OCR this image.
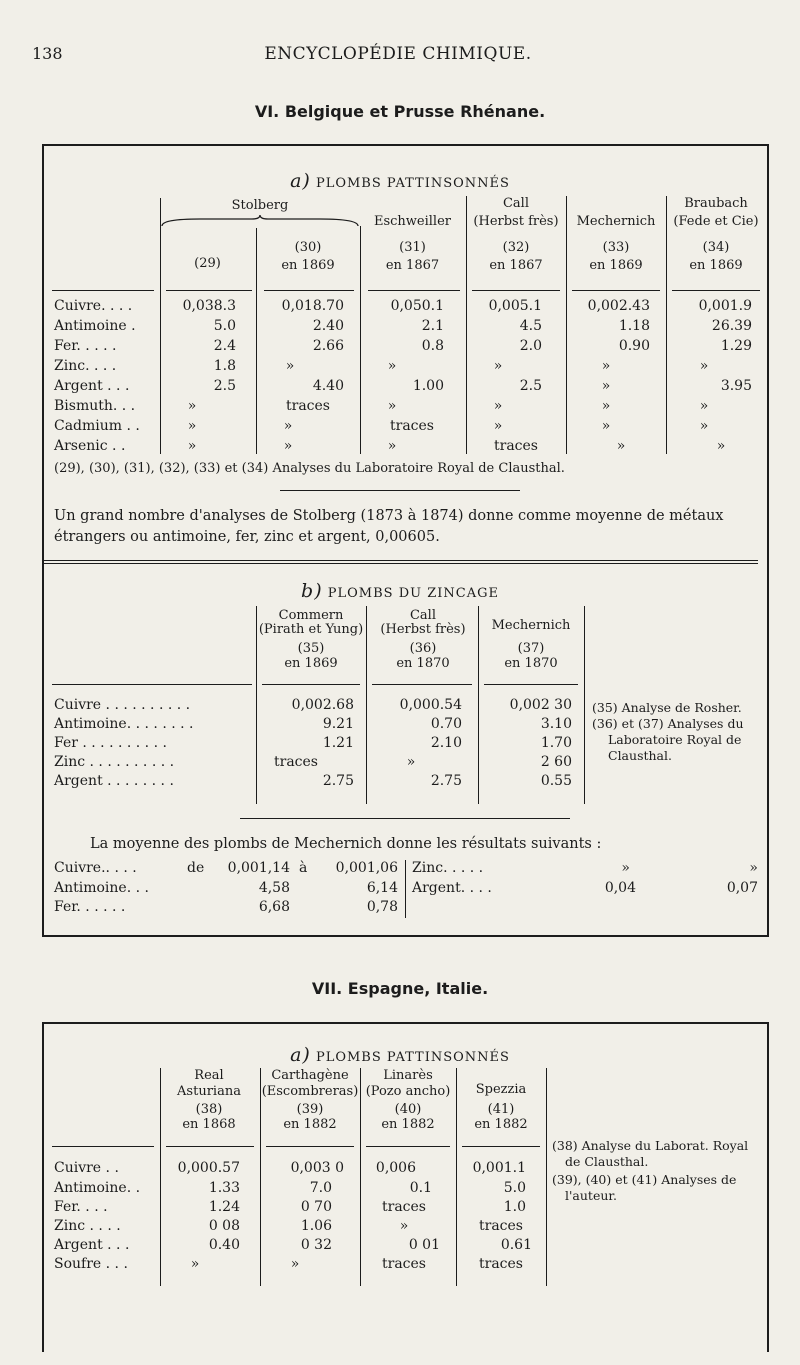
138	ENCYCLOPÉDIE CHIMIQUE.
VI. Belgique et Prusse Rhénane.
a) PLOMBS PATTINSONNÉS
Stolberg
(29)
(30)
en 1869
Eschweiller
(31)
en 1867
Call
(Herbst frès)
(32)
en 1867
Mechernich
(33)
en 1869
Braubach
(Fede et Cie)
(34)
en 1869
Cuivre. . . .	0,038.3	0,018.70	0,050.1	0,005.1	0,002.43	0,001.9
Antimoine .	5.0	2.40	2.1	4.5	1.18	26.39
Fer. . . . .	2.4	2.66	0.8	2.0	0.90	1.29
Zinc. . . .	1.8	»	»	»	»	»
Argent . . .	2.5	4.40	1.00	2.5	»	3.95
Bismuth. . .	»	traces	»	»	»	»
Cadmium . .	»	»	traces	»	»	»
Arsenic . .	»	»	»	traces	»	»
(29), (30), (31), (32), (33) et (34) Analyses du Laboratoire Royal de Clausthal.
Un grand nombre d'analyses de Stolberg (1873 à 1874) donne comme moyenne de métaux
étrangers ou antimoine, fer, zinc et argent, 0,00605.
b) PLOMBS DU ZINCAGE
Commern
(Pirath et Yung)
(35)
en 1869
Call
(Herbst frès)
(36)
en 1870
Mechernich
(37)
en 1870
Cuivre . . . . . . . . . .	0,002.68	0,000.54	0,002 30
Antimoine. . . . . . . .	9.21	0.70	3.10
Fer . . . . . . . . . .	1.21	2.10	1.70
Zinc . . . . . . . . . .	traces	»	2 60
Argent . . . . . . . .	2.75	2.75	0.55
(35) Analyse de Rosher.
(36) et (37) Analyses du
Laboratoire Royal de
Clausthal.
La moyenne des plombs de Mechernich donne les résultats suivants :
Cuivre.. . . .	de	0,001,14 à	0,001,06
Antimoine. . .	4,58	6,14
Fer. . . . . .	6,68	0,78
Zinc. . . . .	»	»
Argent. . . .	0,04	0,07
VII. Espagne, Italie.
a) PLOMBS PATTINSONNÉS
Real
Asturiana
(38)
en 1868
Carthagène
(Escombreras)
(39)
en 1882
Linarès
(Pozo ancho)
(40)
en 1882
Spezzia
(41)
en 1882
Cuivre . .	0,000.57	0,003 0	0,006	0,001.1
Antimoine. .	1.33	7.0	0.1	5.0
Fer. . . .	1.24	0 70	traces	1.0
Zinc . . . .	0 08	1.06	»	traces
Argent . . .	0.40	0 32	0 01	0.61
Soufre . . .	»	»	traces	traces
(38) Analyse du Laborat. Royal
de Clausthal.
(39), (40) et (41) Analyses de
l'auteur.
